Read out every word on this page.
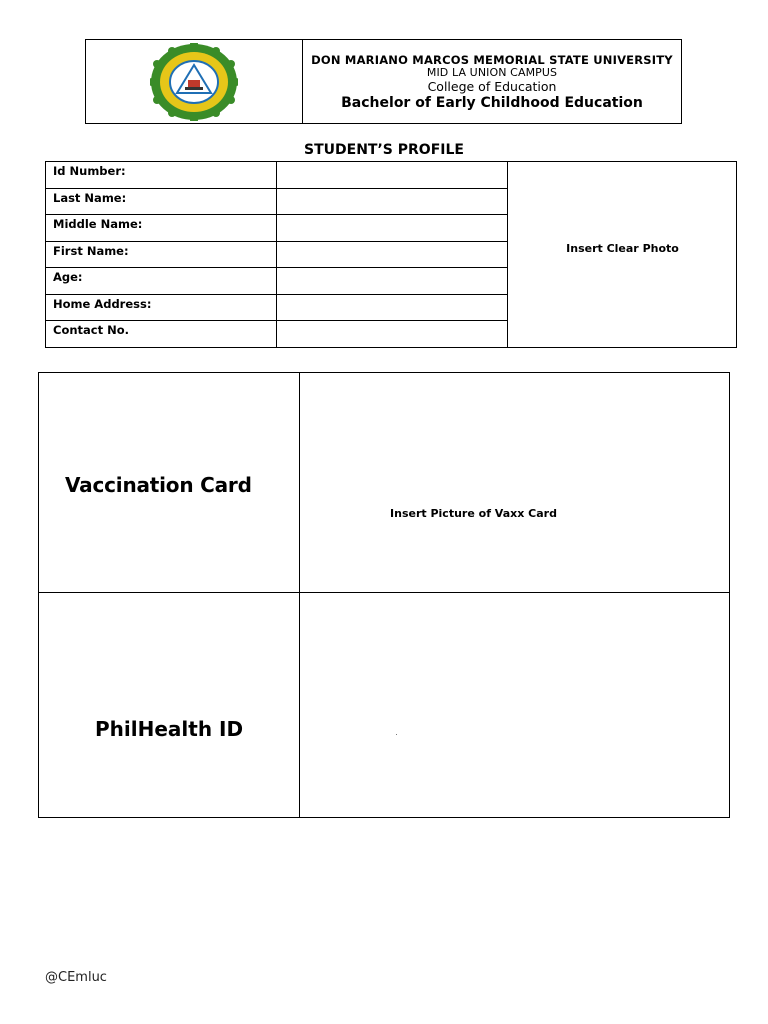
DON MARIANO MARCOS MEMORIAL STATE UNIVERSITY
MID LA UNION CAMPUS
College of Education
Bachelor of Early Childhood Education
STUDENT’S PROFILE
Id Number:
Last Name:
Middle Name:
First Name:
Age:
Home Address:
Contact No.
Insert Clear Photo
Vaccination Card
Insert Picture of Vaxx Card
PhilHealth ID
@CEmluc
